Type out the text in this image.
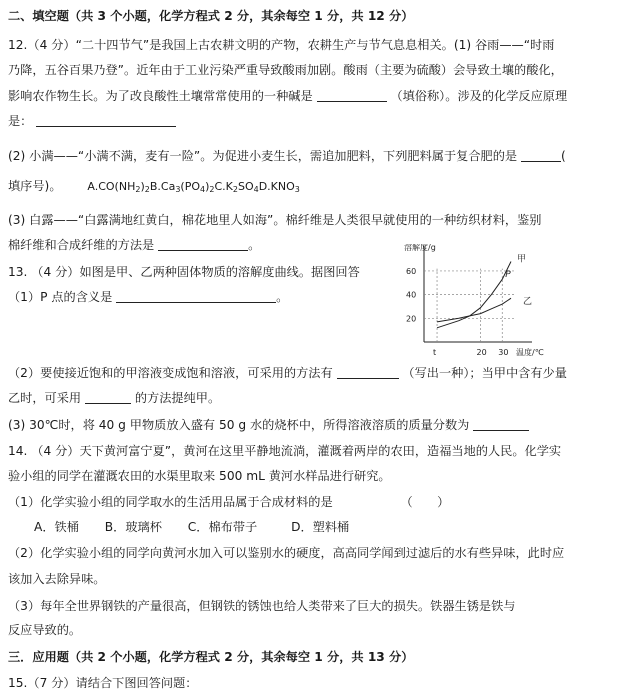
二、填空题（共 3 个小题，化学方程式 2 分，其余每空 1 分，共 12 分）
12.（4 分）“二十四节气”是我国上古农耕文明的产物，农耕生产与节气息息相关。(1) 谷雨——“时雨
乃降，五谷百果乃登”。近年由于工业污染严重导致酸雨加剧。酸雨（主要为硫酸）会导致土壤的酸化，
影响农作物生长。为了改良酸性土壤常常使用的一种碱是	（填俗称）。涉及的化学反应原理
是：
(2) 小满——“小满不满，麦有一险”。为促进小麦生长，需追加肥料，下列肥料属于复合肥的是	(
填序号)。 $A.CO(NH_2)_2B.Ca_3(PO_4)_2C.K_2SO_4D.KNO_3$
(3) 白露——“白露满地红黄白，棉花地里人如海”。棉纤维是人类很早就使用的一种纺织材料，鉴别
棉纤维和合成纤维的方法是	。
13. （4 分）如图是甲、乙两种固体物质的溶解度曲线。据图回答
（1）P 点的含义是	。
溶解度/g
温度/℃
20
40
60
t	20 30
甲
乙
P
（2）要使接近饱和的甲溶液变成饱和溶液，可采用的方法有	（写出一种）；当甲中含有少量
乙时，可采用	的方法提纯甲。
(3) 30℃时，将 40 g 甲物质放入盛有 50 g 水的烧杯中，所得溶液溶质的质量分数为
14. （4 分）天下黄河富宁夏”，黄河在这里平静地流淌，灌溉着两岸的农田，造福当地的人民。化学实
验小组的同学在灌溉农田的水渠里取来 500 mL 黄河水样品进行研究。
（1）化学实验小组的同学取水的生活用品属于合成材料的是	（　　）
A．铁桶 B．玻璃杯 C．棉布带子	D．塑料桶
（2）化学实验小组的同学向黄河水加入可以鉴别水的硬度，高高同学闻到过滤后的水有些异味，此时应
该加入去除异味。
（3）每年全世界钢铁的产量很高，但钢铁的锈蚀也给人类带来了巨大的损失。铁器生锈是铁与
反应导致的。
三．应用题（共 2 个小题，化学方程式 2 分，其余每空 1 分，共 13 分）
15.（7 分）请结合下图回答问题：
